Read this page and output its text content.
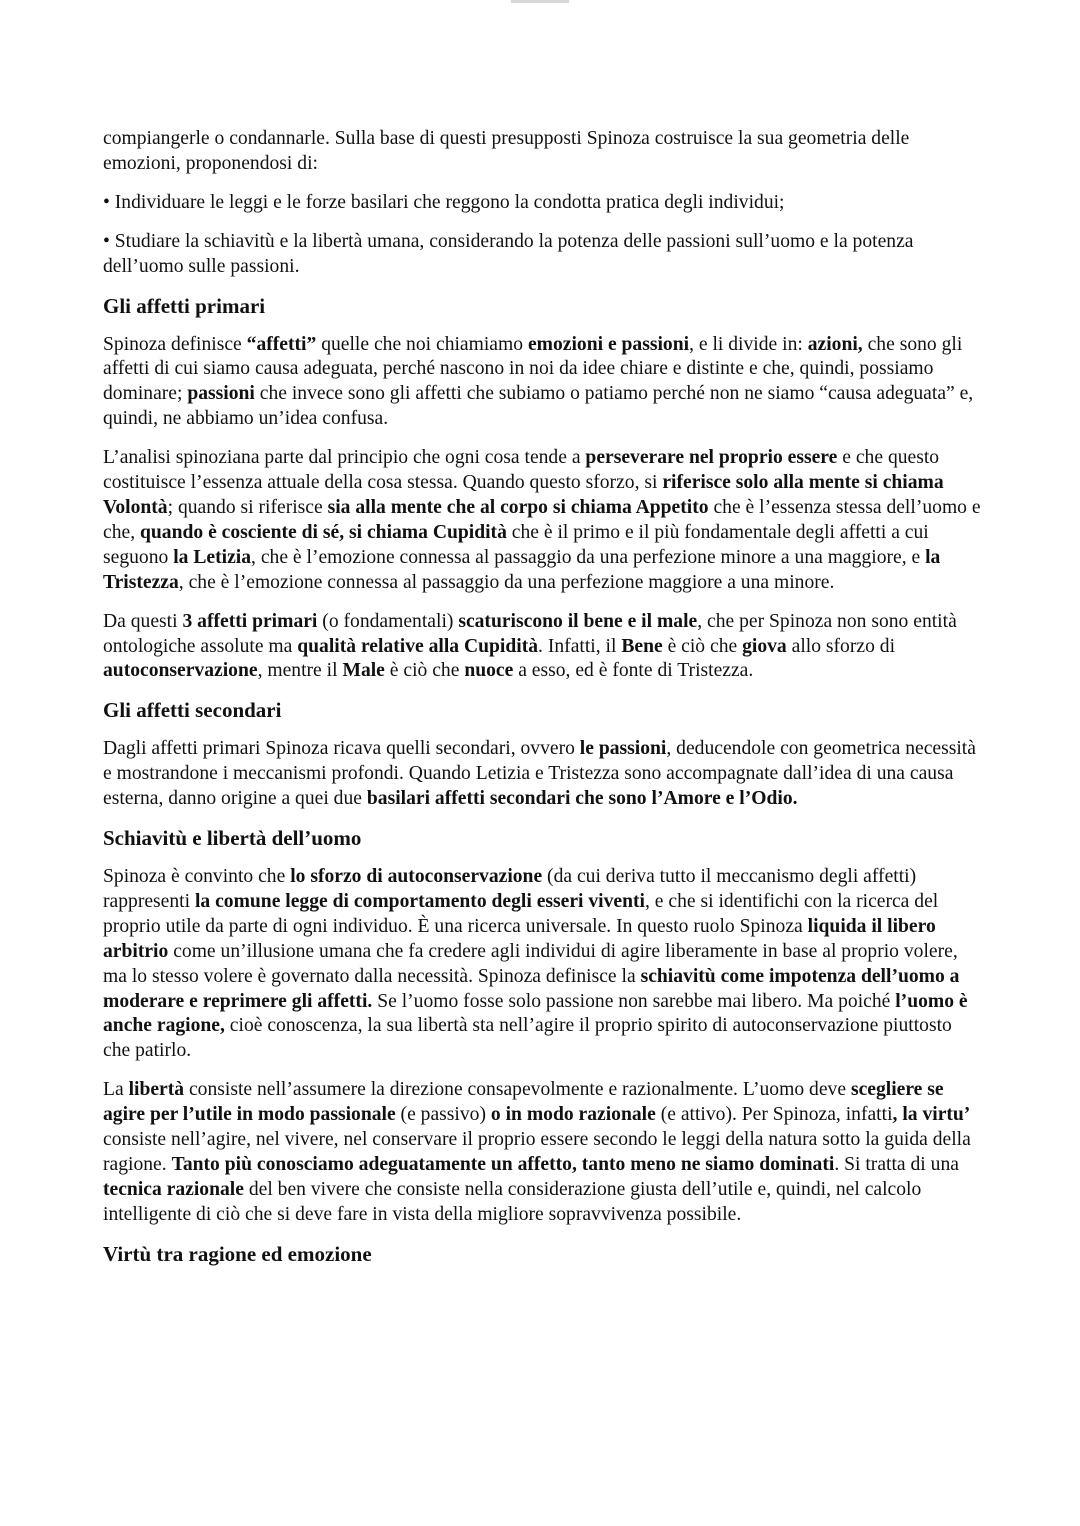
compiangerle o condannarle. Sulla base di questi presupposti Spinoza costruisce la sua geometria delle emozioni, proponendosi di:

• Individuare le leggi e le forze basilari che reggono la condotta pratica degli individui;

• Studiare la schiavitù e la libertà umana, considerando la potenza delle passioni sull’uomo e la potenza dell’uomo sulle passioni.

Gli affetti primari

Spinoza definisce “affetti” quelle che noi chiamiamo emozioni e passioni, e li divide in: azioni, che sono gli affetti di cui siamo causa adeguata, perché nascono in noi da idee chiare e distinte e che, quindi, possiamo dominare; passioni che invece sono gli affetti che subiamo o patiamo perché non ne siamo “causa adeguata” e, quindi, ne abbiamo un’idea confusa.

L’analisi spinoziana parte dal principio che ogni cosa tende a perseverare nel proprio essere e che questo costituisce l’essenza attuale della cosa stessa. Quando questo sforzo, si riferisce solo alla mente si chiama Volontà; quando si riferisce sia alla mente che al corpo si chiama Appetito che è l’essenza stessa dell’uomo e che, quando è cosciente di sé, si chiama Cupidità che è il primo e il più fondamentale degli affetti a cui seguono la Letizia, che è l’emozione connessa al passaggio da una perfezione minore a una maggiore, e la Tristezza, che è l’emozione connessa al passaggio da una perfezione maggiore a una minore.

Da questi 3 affetti primari (o fondamentali) scaturiscono il bene e il male, che per Spinoza non sono entità ontologiche assolute ma qualità relative alla Cupidità. Infatti, il Bene è ciò che giova allo sforzo di autoconservazione, mentre il Male è ciò che nuoce a esso, ed è fonte di Tristezza.

Gli affetti secondari

Dagli affetti primari Spinoza ricava quelli secondari, ovvero le passioni, deducendole con geometrica necessità e mostrandone i meccanismi profondi. Quando Letizia e Tristezza sono accompagnate dall’idea di una causa esterna, danno origine a quei due basilari affetti secondari che sono l’Amore e l’Odio.

Schiavitù e libertà dell’uomo

Spinoza è convinto che lo sforzo di autoconservazione (da cui deriva tutto il meccanismo degli affetti) rappresenti la comune legge di comportamento degli esseri viventi, e che si identifichi con la ricerca del proprio utile da parte di ogni individuo. È una ricerca universale. In questo ruolo Spinoza liquida il libero arbitrio come un’illusione umana che fa credere agli individui di agire liberamente in base al proprio volere, ma lo stesso volere è governato dalla necessità. Spinoza definisce la schiavitù come impotenza dell’uomo a moderare e reprimere gli affetti. Se l’uomo fosse solo passione non sarebbe mai libero. Ma poiché l’uomo è anche ragione, cioè conoscenza, la sua libertà sta nell’agire il proprio spirito di autoconservazione piuttosto che patirlo.

La libertà consiste nell’assumere la direzione consapevolmente e razionalmente. L’uomo deve scegliere se agire per l’utile in modo passionale (e passivo) o in modo razionale (e attivo). Per Spinoza, infatti, la virtu’ consiste nell’agire, nel vivere, nel conservare il proprio essere secondo le leggi della natura sotto la guida della ragione. Tanto più conosciamo adeguatamente un affetto, tanto meno ne siamo dominati. Si tratta di una tecnica razionale del ben vivere che consiste nella considerazione giusta dell’utile e, quindi, nel calcolo intelligente di ciò che si deve fare in vista della migliore sopravvivenza possibile.

Virtù tra ragione ed emozione
